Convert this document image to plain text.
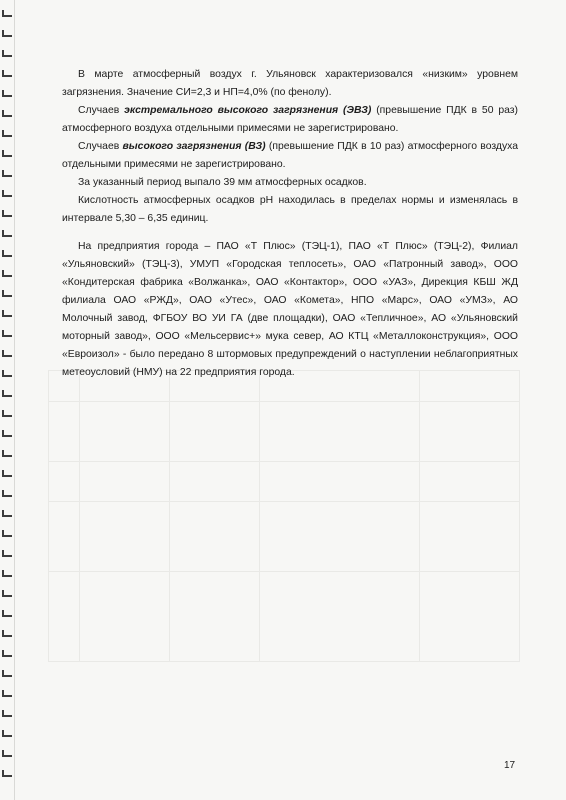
В марте атмосферный воздух г. Ульяновск характеризовался «низким» уровнем загрязнения. Значение СИ=2,3 и НП=4,0% (по фенолу).

Случаев экстремального высокого загрязнения (ЭВЗ) (превышение ПДК в 50 раз) атмосферного воздуха отдельными примесями не зарегистрировано.

Случаев высокого загрязнения (ВЗ) (превышение ПДК в 10 раз) атмосферного воздуха отдельными примесями не зарегистрировано.

За указанный период выпало 39 мм атмосферных осадков.

Кислотность атмосферных осадков рН находилась в пределах нормы и изменялась в интервале 5,30 – 6,35 единиц.

На предприятия города – ПАО «Т Плюс» (ТЭЦ-1), ПАО «Т Плюс» (ТЭЦ-2), Филиал «Ульяновский» (ТЭЦ-3), УМУП «Городская теплосеть», ОАО «Патронный завод», ООО «Кондитерская фабрика «Волжанка», ОАО «Контактор», ООО «УАЗ», Дирекция КБШ ЖД филиала ОАО «РЖД», ОАО «Утес», ОАО «Комета», НПО «Марс», ОАО «УМЗ», АО Молочный завод, ФГБОУ ВО УИ ГА (две площадки), ОАО «Тепличное», АО «Ульяновский моторный завод», ООО «Мельсервис+» мука север, АО КТЦ «Металлоконструкция», ООО «Евроизол» - было передано 8 штормовых предупреждений о наступлении неблагоприятных метеоусловий (НМУ) на 22 предприятия города.

17
